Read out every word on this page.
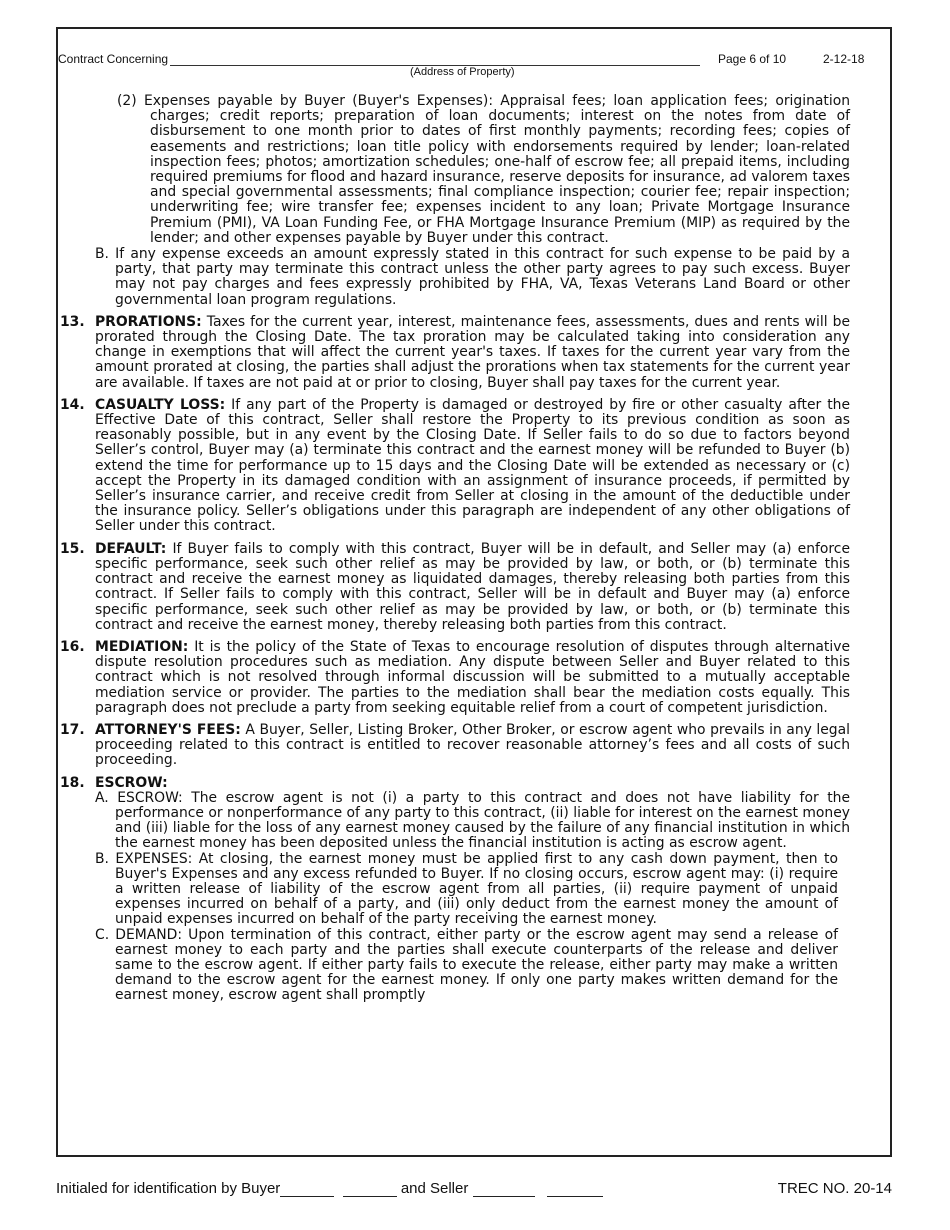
Contract Concerning	Page 6 of 10	2-12-18
(Address of Property)

(2) Expenses payable by Buyer (Buyer's Expenses): Appraisal fees; loan application fees; origination charges; credit reports; preparation of loan documents; interest on the notes from date of disbursement to one month prior to dates of first monthly payments; recording fees; copies of easements and restrictions; loan title policy with endorsements required by lender; loan-related inspection fees; photos; amortization schedules; one-half of escrow fee; all prepaid items, including required premiums for flood and hazard insurance, reserve deposits for insurance, ad valorem taxes and special governmental assessments; final compliance inspection; courier fee; repair inspection; underwriting fee; wire transfer fee; expenses incident to any loan; Private Mortgage Insurance Premium (PMI), VA Loan Funding Fee, or FHA Mortgage Insurance Premium (MIP) as required by the lender; and other expenses payable by Buyer under this contract.

B. If any expense exceeds an amount expressly stated in this contract for such expense to be paid by a party, that party may terminate this contract unless the other party agrees to pay such excess. Buyer may not pay charges and fees expressly prohibited by FHA, VA, Texas Veterans Land Board or other governmental loan program regulations.

13. PRORATIONS: Taxes for the current year, interest, maintenance fees, assessments, dues and rents will be prorated through the Closing Date. The tax proration may be calculated taking into consideration any change in exemptions that will affect the current year's taxes. If taxes for the current year vary from the amount prorated at closing, the parties shall adjust the prorations when tax statements for the current year are available. If taxes are not paid at or prior to closing, Buyer shall pay taxes for the current year.

14. CASUALTY LOSS: If any part of the Property is damaged or destroyed by fire or other casualty after the Effective Date of this contract, Seller shall restore the Property to its previous condition as soon as reasonably possible, but in any event by the Closing Date. If Seller fails to do so due to factors beyond Seller’s control, Buyer may (a) terminate this contract and the earnest money will be refunded to Buyer (b) extend the time for performance up to 15 days and the Closing Date will be extended as necessary or (c) accept the Property in its damaged condition with an assignment of insurance proceeds, if permitted by Seller’s insurance carrier, and receive credit from Seller at closing in the amount of the deductible under the insurance policy. Seller’s obligations under this paragraph are independent of any other obligations of Seller under this contract.

15. DEFAULT: If Buyer fails to comply with this contract, Buyer will be in default, and Seller may (a) enforce specific performance, seek such other relief as may be provided by law, or both, or (b) terminate this contract and receive the earnest money as liquidated damages, thereby releasing both parties from this contract. If Seller fails to comply with this contract, Seller will be in default and Buyer may (a) enforce specific performance, seek such other relief as may be provided by law, or both, or (b) terminate this contract and receive the earnest money, thereby releasing both parties from this contract.

16. MEDIATION: It is the policy of the State of Texas to encourage resolution of disputes through alternative dispute resolution procedures such as mediation. Any dispute between Seller and Buyer related to this contract which is not resolved through informal discussion will be submitted to a mutually acceptable mediation service or provider. The parties to the mediation shall bear the mediation costs equally. This paragraph does not preclude a party from seeking equitable relief from a court of competent jurisdiction.

17. ATTORNEY'S FEES: A Buyer, Seller, Listing Broker, Other Broker, or escrow agent who prevails in any legal proceeding related to this contract is entitled to recover reasonable attorney’s fees and all costs of such proceeding.

18. ESCROW:

A. ESCROW: The escrow agent is not (i) a party to this contract and does not have liability for the performance or nonperformance of any party to this contract, (ii) liable for interest on the earnest money and (iii) liable for the loss of any earnest money caused by the failure of any financial institution in which the earnest money has been deposited unless the financial institution is acting as escrow agent.

B. EXPENSES: At closing, the earnest money must be applied first to any cash down payment, then to Buyer's Expenses and any excess refunded to Buyer. If no closing occurs, escrow agent may: (i) require a written release of liability of the escrow agent from all parties, (ii) require payment of unpaid expenses incurred on behalf of a party, and (iii) only deduct from the earnest money the amount of unpaid expenses incurred on behalf of the party receiving the earnest money.

C. DEMAND: Upon termination of this contract, either party or the escrow agent may send a release of earnest money to each party and the parties shall execute counterparts of the release and deliver same to the escrow agent. If either party fails to execute the release, either party may make a written demand to the escrow agent for the earnest money. If only one party makes written demand for the earnest money, escrow agent shall promptly

Initialed for identification by Buyer	and Seller	TREC NO. 20-14
